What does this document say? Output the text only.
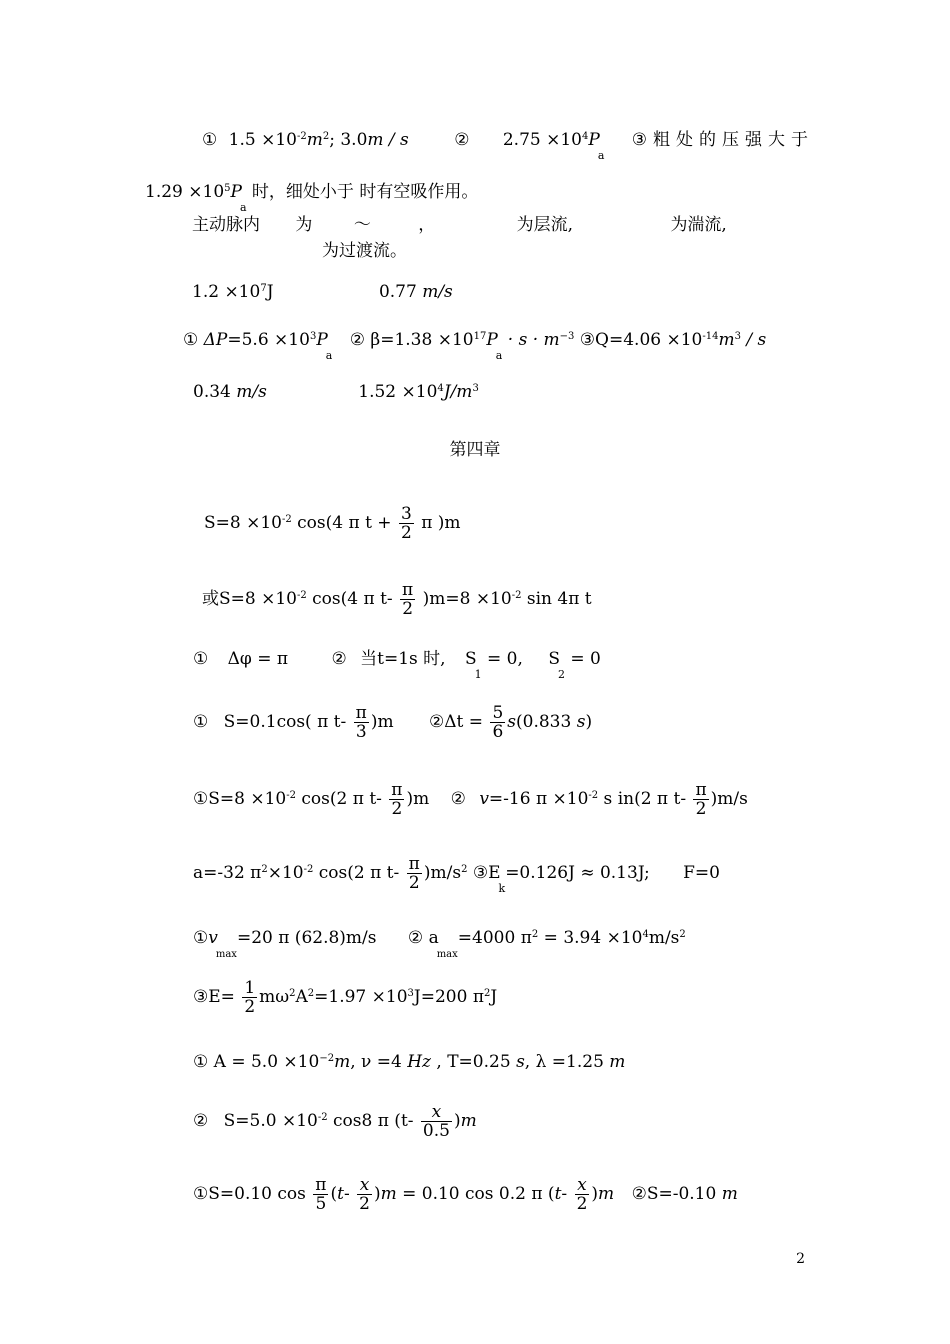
① $1.5 \times 10^{-2}m^2$; 3.0m / s	② $2.75 \times 10^4P_a$ ③粗处的压强大于
$1.29 \times 10^5P_a$ 时，细处小于 时有空吸作用。
主动脉内 为 ～	，	为层流,	为湍流,
为过渡流。
$1.2 \times 10^7J$	0.77 m/s
① $\Delta P=5.6 \times 10^3P_a$ ② $\beta=1.38 \times 10^{17}P_a \cdot s \cdot m^{-3}$ ③Q=4.06 $\times 10^{-14}m^3 / s$
0.34 m/s	$1.52 \times 10^4J/m^3$
第四章
$S=8 \times 10^{-2}$ cos(4 π $t + \frac{3}{2}$ π )m
或$S=8 \times 10^{-2}$ cos(4 π $t- \frac{\pi}{2} )m=8 \times 10^{-2}$ sin 4π t
① Δφ = π	② 当t=1s 时, $S_1 = 0$, $S_2 = 0$
① S=0.1cos( π $t- \frac{\pi}{3} )m$ ②Δt = $\frac{5}{6} s(0.833$ s)
①S=8 $\times 10^{-2}$ cos(2 π $t- \frac{\pi}{2} )m$ ② v=-16 $\pi \times 10^{-2}$ s in(2 π $t- \frac{\pi}{2} )m/s$
a=-32 $\pi^2\times 10^{-2}$ cos(2 π $t- \frac{\pi}{2} )m/s^2$ $③E_k=0.126J \approx 0.13J$; F=0
$①v_{max}=20$ π (62.8)m/s ② $a_{max}=4000$ $\pi^2 = 3.94 \times 10^4m/s^2$
③E= $\frac{1}{2} m\omega^2A^2=1.97 \times 10^3J=200$ $\pi^2J$
① $A = 5.0 \times 10^{-2}m$, ν =4 Hz , T=0.25 s, λ =1.25 m
② $S=5.0 \times 10^{-2}$ cos8 π $(t- \frac{x}{0.5} )m$
①S=0.10 $\cos \frac{\pi}{5} (t- \frac{x}{2} )m = 0.10$ cos 0.2 π $(t- \frac{x}{2} )m$ ②S=-0.10 m
2
